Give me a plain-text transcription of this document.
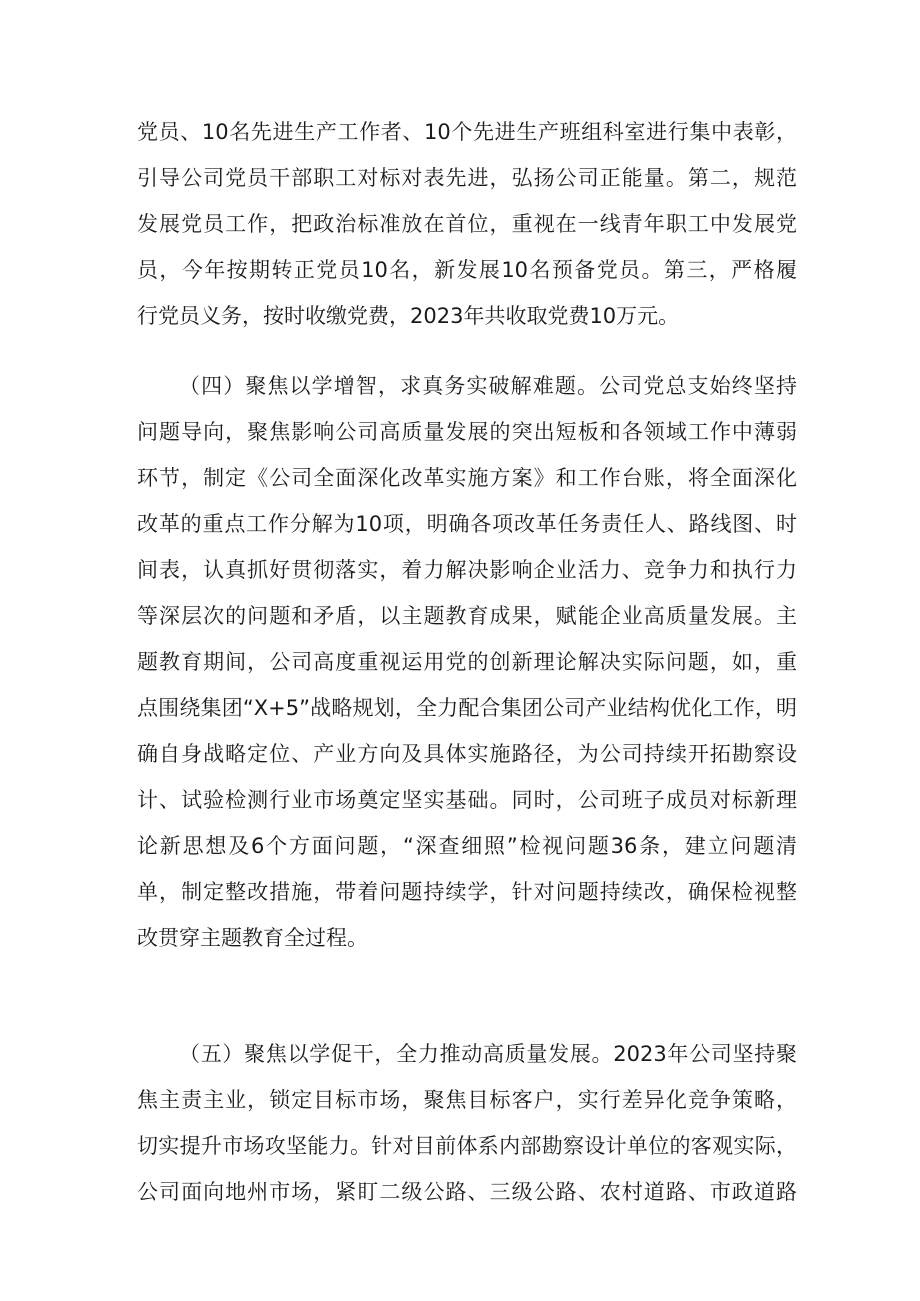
党员、10名先进生产工作者、10个先进生产班组科室进行集中表彰，
引导公司党员干部职工对标对表先进，弘扬公司正能量。第二，规范
发展党员工作，把政治标准放在首位，重视在一线青年职工中发展党
员，今年按期转正党员10名，新发展10名预备党员。第三，严格履
行党员义务，按时收缴党费，2023年共收取党费10万元。
（四）聚焦以学增智，求真务实破解难题。公司党总支始终坚持
问题导向，聚焦影响公司高质量发展的突出短板和各领域工作中薄弱
环节，制定《公司全面深化改革实施方案》和工作台账，将全面深化
改革的重点工作分解为10项，明确各项改革任务责任人、路线图、时
间表，认真抓好贯彻落实，着力解决影响企业活力、竞争力和执行力
等深层次的问题和矛盾，以主题教育成果，赋能企业高质量发展。主
题教育期间，公司高度重视运用党的创新理论解决实际问题，如，重
点围绕集团“X+5”战略规划，全力配合集团公司产业结构优化工作，明
确自身战略定位、产业方向及具体实施路径，为公司持续开拓勘察设
计、试验检测行业市场奠定坚实基础。同时，公司班子成员对标新理
论新思想及6个方面问题，“深查细照”检视问题36条，建立问题清
单，制定整改措施，带着问题持续学，针对问题持续改，确保检视整
改贯穿主题教育全过程。
（五）聚焦以学促干，全力推动高质量发展。2023年公司坚持聚
焦主责主业，锁定目标市场，聚焦目标客户，实行差异化竞争策略，
切实提升市场攻坚能力。针对目前体系内部勘察设计单位的客观实际，
公司面向地州市场，紧盯二级公路、三级公路、农村道路、市政道路
